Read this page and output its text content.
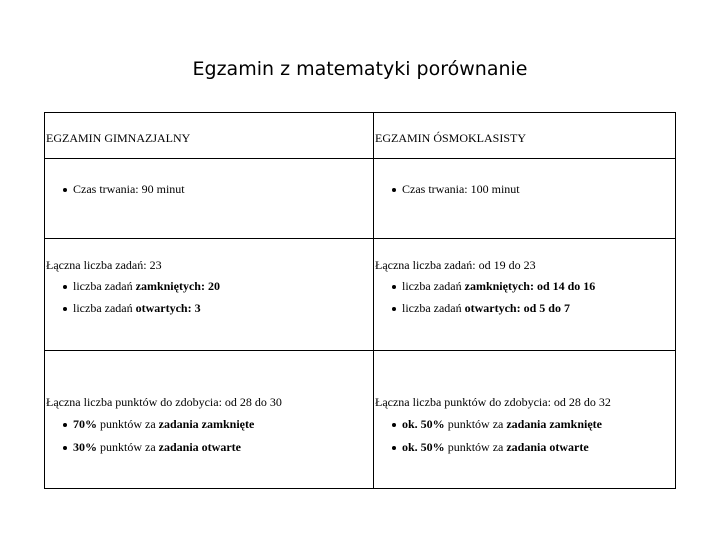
Egzamin z matematyki porównanie
EGZAMIN GIMNAZJALNY
Czas trwania: 90 minut
Łączna liczba zadań: 23
liczba zadań zamkniętych: 20
liczba zadań otwartych: 3
Łączna liczba punktów do zdobycia: od 28 do 30
70% punktów za zadania zamknięte
30% punktów za zadania otwarte
EGZAMIN ÓSMOKLASISTY
Czas trwania: 100 minut
Łączna liczba zadań: od 19 do 23
liczba zadań zamkniętych: od 14 do 16
liczba zadań otwartych: od 5 do 7
Łączna liczba punktów do zdobycia: od 28 do 32
ok. 50% punktów za zadania zamknięte
ok. 50% punktów za zadania otwarte
